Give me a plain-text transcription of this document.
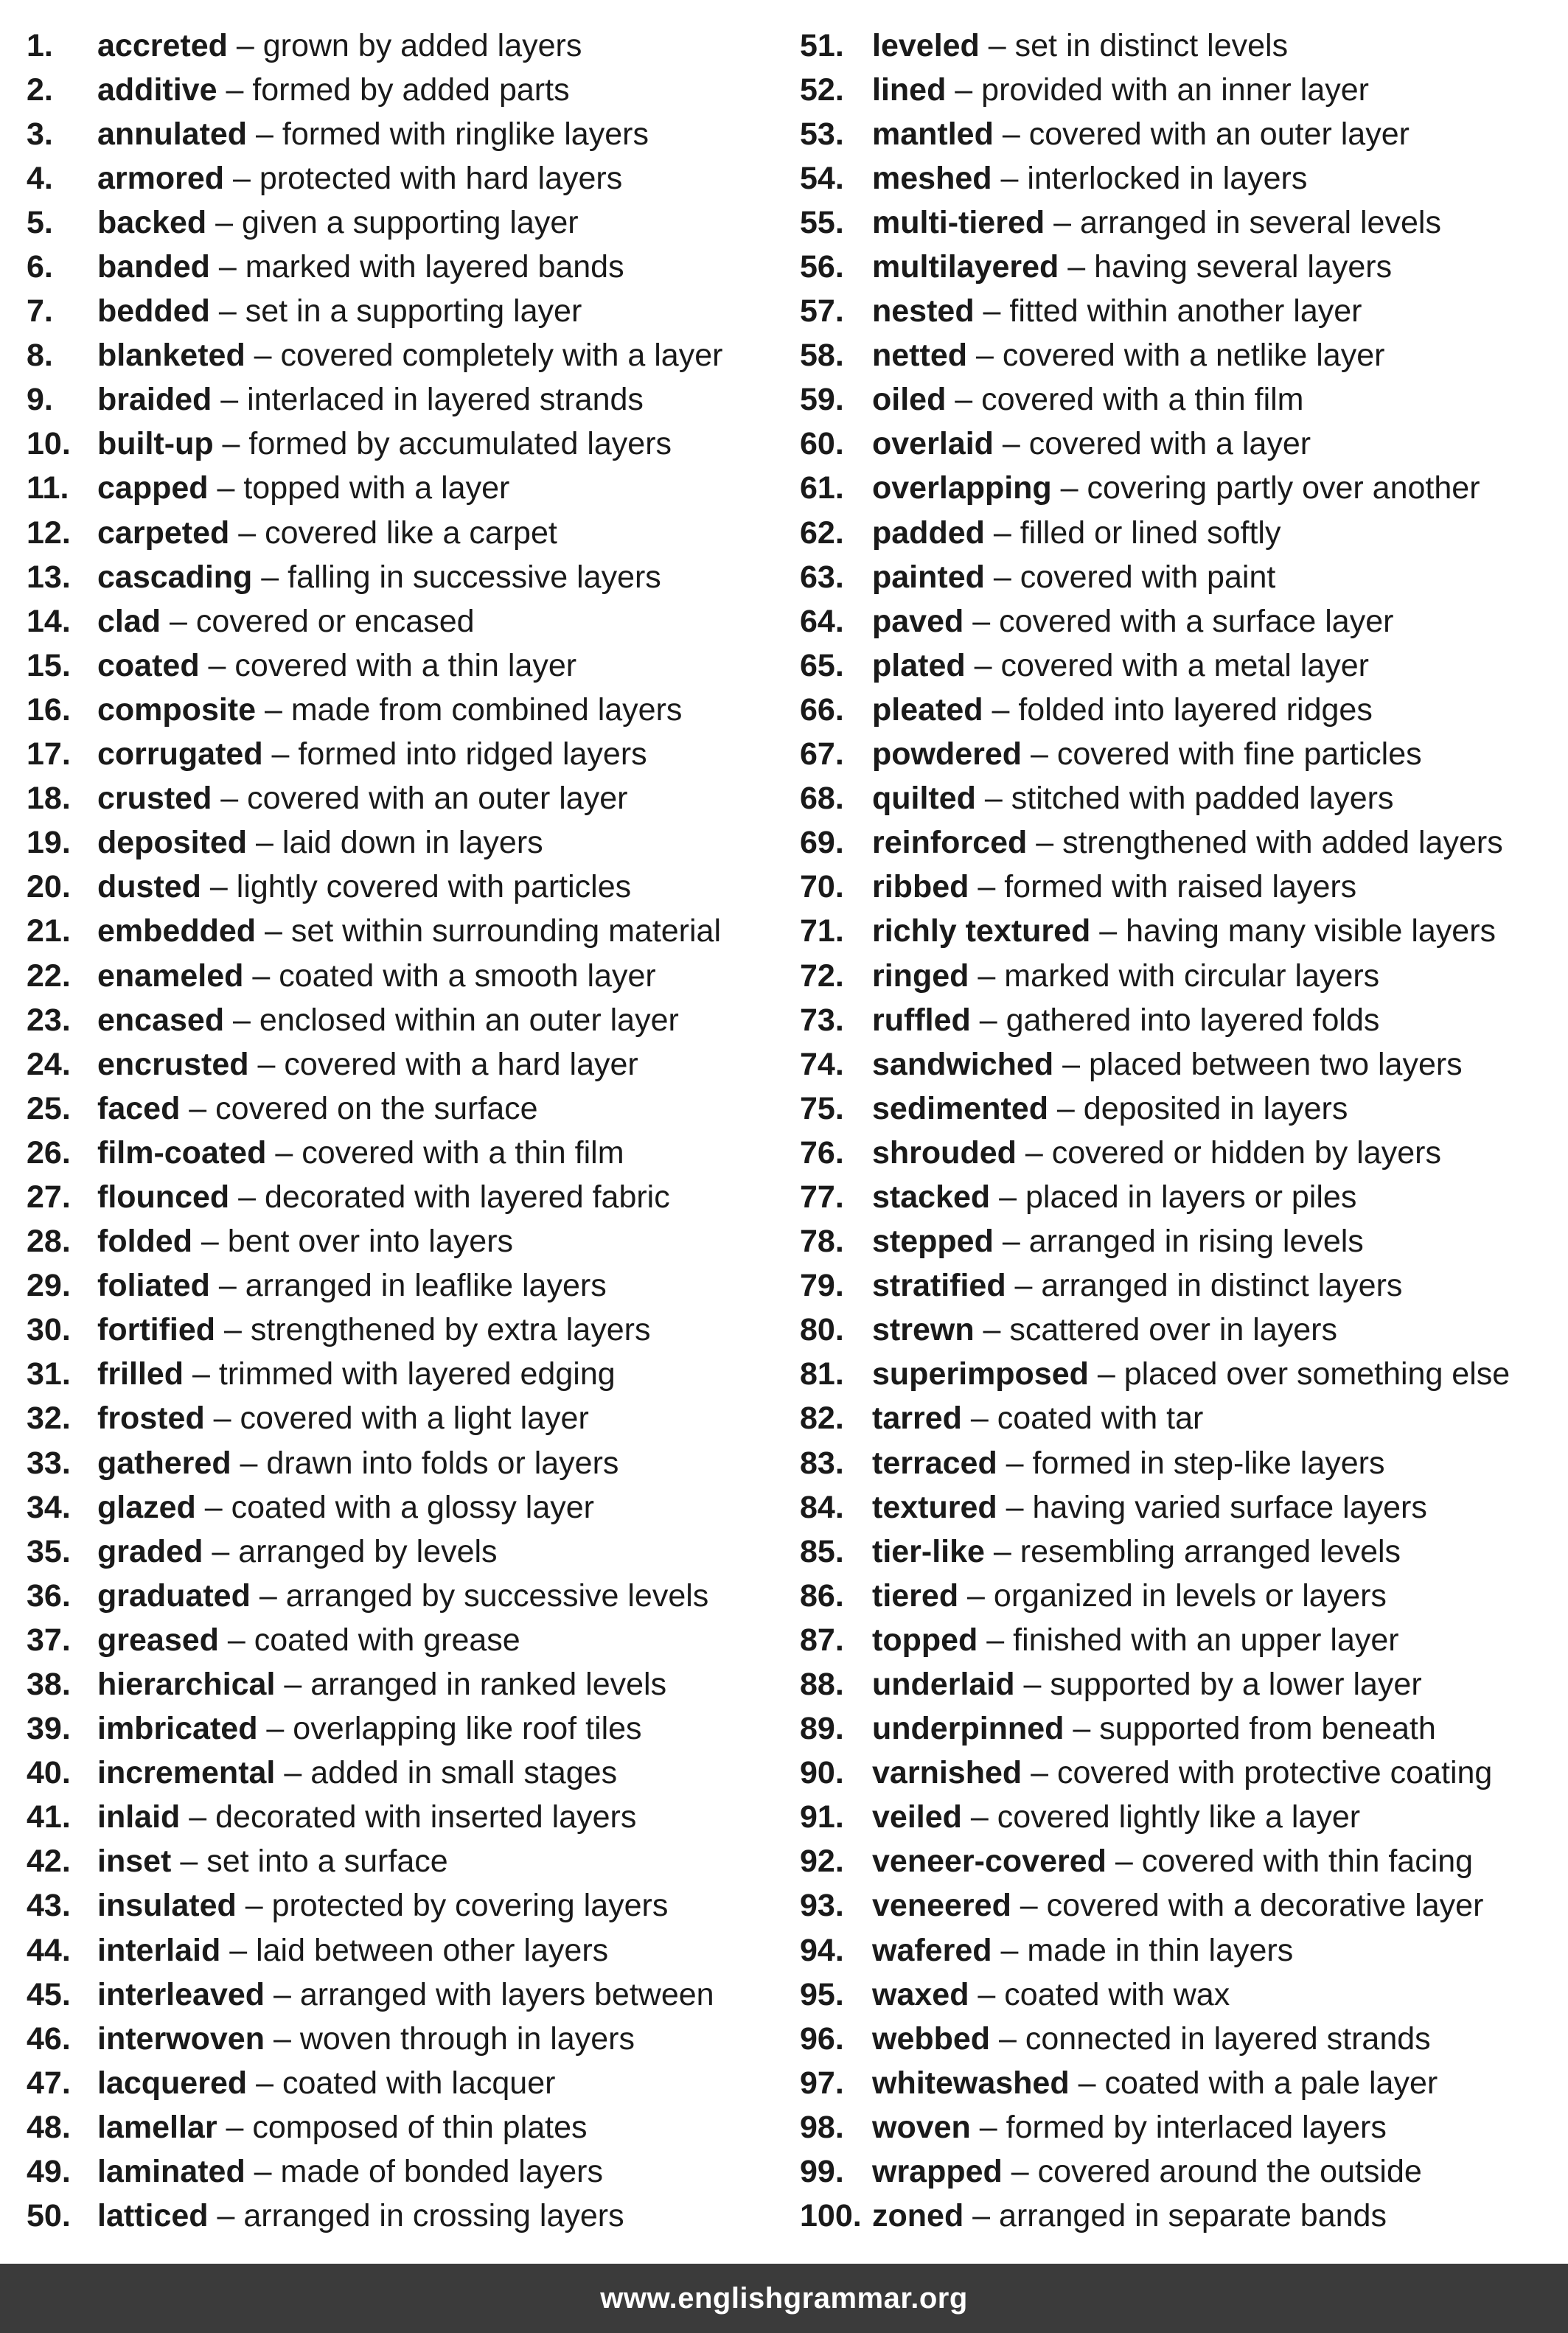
1.	accreted – grown by added layers
2.	additive – formed by added parts
3.	annulated – formed with ringlike layers
4.	armored – protected with hard layers
5.	backed – given a supporting layer
6.	banded – marked with layered bands
7.	bedded – set in a supporting layer
8.	blanketed – covered completely with a layer
9.	braided – interlaced in layered strands
10. built-up – formed by accumulated layers
11. capped – topped with a layer
12. carpeted – covered like a carpet
13. cascading – falling in successive layers
14. clad – covered or encased
15. coated – covered with a thin layer
16. composite – made from combined layers
17. corrugated – formed into ridged layers
18. crusted – covered with an outer layer
19. deposited – laid down in layers
20. dusted – lightly covered with particles
21. embedded – set within surrounding material
22. enameled – coated with a smooth layer
23. encased – enclosed within an outer layer
24. encrusted – covered with a hard layer
25. faced – covered on the surface
26. film-coated – covered with a thin film
27. flounced – decorated with layered fabric
28. folded – bent over into layers
29. foliated – arranged in leaflike layers
30. fortified – strengthened by extra layers
31. frilled – trimmed with layered edging
32. frosted – covered with a light layer
33. gathered – drawn into folds or layers
34. glazed – coated with a glossy layer
35. graded – arranged by levels
36. graduated – arranged by successive levels
37. greased – coated with grease
38. hierarchical – arranged in ranked levels
39. imbricated – overlapping like roof tiles
40. incremental – added in small stages
41. inlaid – decorated with inserted layers
42. inset – set into a surface
43. insulated – protected by covering layers
44. interlaid – laid between other layers
45. interleaved – arranged with layers between
46. interwoven – woven through in layers
47. lacquered – coated with lacquer
48. lamellar – composed of thin plates
49. laminated – made of bonded layers
50. latticed – arranged in crossing layers
51. leveled – set in distinct levels
52. lined – provided with an inner layer
53. mantled – covered with an outer layer
54. meshed – interlocked in layers
55. multi-tiered – arranged in several levels
56. multilayered – having several layers
57. nested – fitted within another layer
58. netted – covered with a netlike layer
59. oiled – covered with a thin film
60. overlaid – covered with a layer
61. overlapping – covering partly over another
62. padded – filled or lined softly
63. painted – covered with paint
64. paved – covered with a surface layer
65. plated – covered with a metal layer
66. pleated – folded into layered ridges
67. powdered – covered with fine particles
68. quilted – stitched with padded layers
69. reinforced – strengthened with added layers
70. ribbed – formed with raised layers
71. richly textured – having many visible layers
72. ringed – marked with circular layers
73. ruffled – gathered into layered folds
74. sandwiched – placed between two layers
75. sedimented – deposited in layers
76. shrouded – covered or hidden by layers
77. stacked – placed in layers or piles
78. stepped – arranged in rising levels
79. stratified – arranged in distinct layers
80. strewn – scattered over in layers
81. superimposed – placed over something else
82. tarred – coated with tar
83. terraced – formed in step-like layers
84. textured – having varied surface layers
85. tier-like – resembling arranged levels
86. tiered – organized in levels or layers
87. topped – finished with an upper layer
88. underlaid – supported by a lower layer
89. underpinned – supported from beneath
90. varnished – covered with protective coating
91. veiled – covered lightly like a layer
92. veneer-covered – covered with thin facing
93. veneered – covered with a decorative layer
94. wafered – made in thin layers
95. waxed – coated with wax
96. webbed – connected in layered strands
97. whitewashed – coated with a pale layer
98. woven – formed by interlaced layers
99. wrapped – covered around the outside
100. zoned – arranged in separate bands
www.englishgrammar.org
